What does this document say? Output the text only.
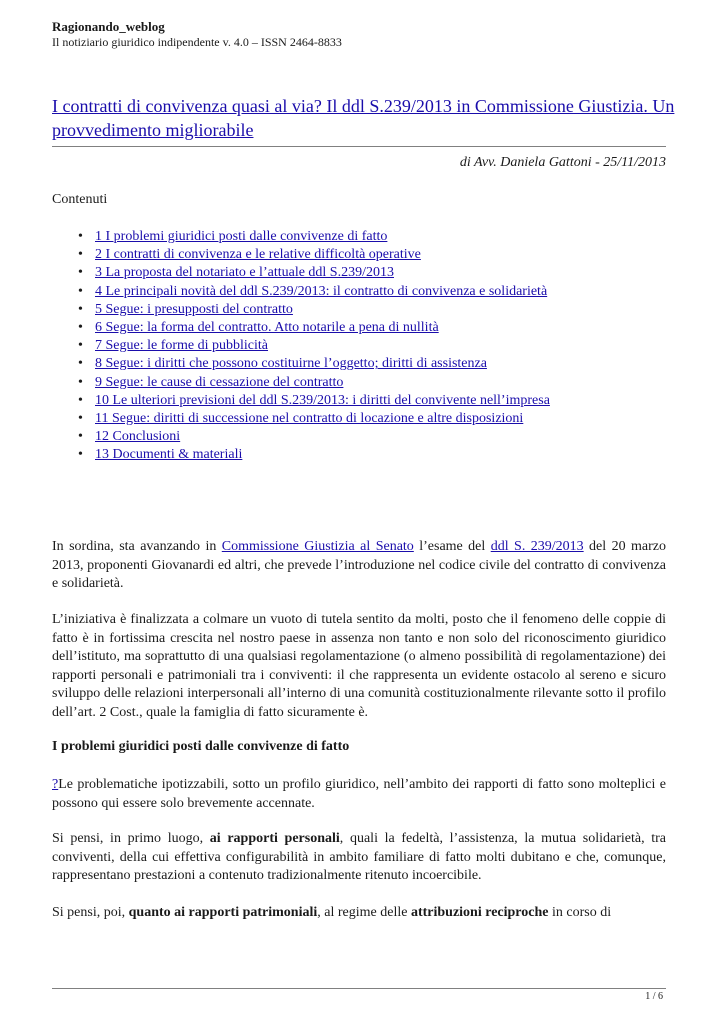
Ragionando_weblog
Il notiziario giuridico indipendente v. 4.0 – ISSN 2464-8833
I contratti di convivenza quasi al via? Il ddl S.239/2013 in Commissione Giustizia. Un provvedimento migliorabile
di Avv. Daniela Gattoni - 25/11/2013
Contenuti
• 1 I problemi giuridici posti dalle convivenze di fatto
• 2 I contratti di convivenza e le relative difficoltà operative
• 3 La proposta del notariato e l’attuale ddl S.239/2013
• 4 Le principali novità del ddl S.239/2013: il contratto di convivenza e solidarietà
• 5 Segue: i presupposti del contratto
• 6 Segue: la forma del contratto. Atto notarile a pena di nullità
• 7 Segue: le forme di pubblicità
• 8 Segue: i diritti che possono costituirne l’oggetto; diritti di assistenza
• 9 Segue: le cause di cessazione del contratto
• 10 Le ulteriori previsioni del ddl S.239/2013: i diritti del convivente nell’impresa
• 11 Segue: diritti di successione nel contratto di locazione e altre disposizioni
• 12 Conclusioni
• 13 Documenti & materiali

In sordina, sta avanzando in Commissione Giustizia al Senato l’esame del ddl S. 239/2013 del 20 marzo 2013, proponenti Giovanardi ed altri, che prevede l’introduzione nel codice civile del contratto di convivenza e solidarietà.

L’iniziativa è finalizzata a colmare un vuoto di tutela sentito da molti, posto che il fenomeno delle coppie di fatto è in fortissima crescita nel nostro paese in assenza non tanto e non solo del riconoscimento giuridico dell’istituto, ma soprattutto di una qualsiasi regolamentazione (o almeno possibilità di regolamentazione) dei rapporti personali e patrimoniali tra i conviventi: il che rappresenta un evidente ostacolo al sereno e sicuro sviluppo delle relazioni interpersonali all’interno di una comunità costituzionalmente rilevante sotto il profilo dell’art. 2 Cost., quale la famiglia di fatto sicuramente è.

I problemi giuridici posti dalle convivenze di fatto

?Le problematiche ipotizzabili, sotto un profilo giuridico, nell’ambito dei rapporti di fatto sono molteplici e possono qui essere solo brevemente accennate.

Si pensi, in primo luogo, ai rapporti personali, quali la fedeltà, l’assistenza, la mutua solidarietà, tra conviventi, della cui effettiva configurabilità in ambito familiare di fatto molti dubitano e che, comunque, rappresentano prestazioni a contenuto tradizionalmente ritenuto incoercibile.

Si pensi, poi, quanto ai rapporti patrimoniali, al regime delle attribuzioni reciproche in corso di

1 / 6
